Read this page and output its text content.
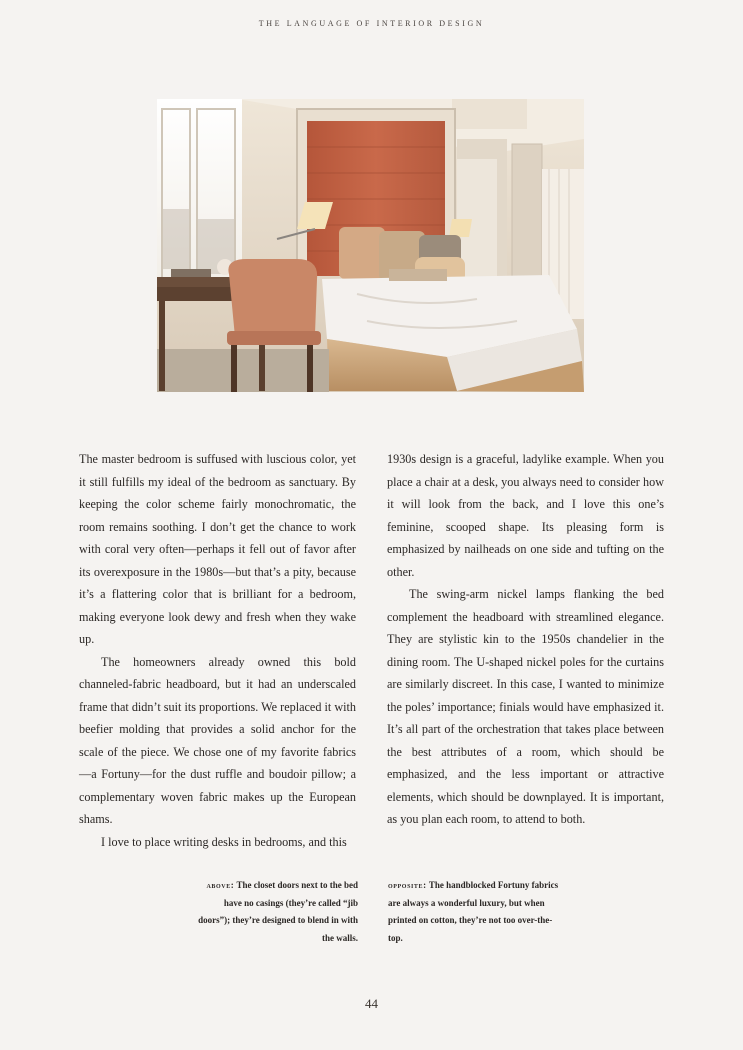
THE LANGUAGE OF INTERIOR DESIGN

The master bedroom is suffused with luscious color, yet it still fulfills my ideal of the bedroom as sanctuary. By keeping the color scheme fairly monochromatic, the room remains soothing. I don’t get the chance to work with coral very often—perhaps it fell out of favor after its overexposure in the 1980s—but that’s a pity, because it’s a flattering color that is brilliant for a bedroom, making everyone look dewy and fresh when they wake up.

The homeowners already owned this bold channeled-fabric headboard, but it had an underscaled frame that didn’t suit its proportions. We replaced it with beefier molding that provides a solid anchor for the scale of the piece. We chose one of my favorite fabrics—a Fortuny—for the dust ruffle and boudoir pillow; a complementary woven fabric makes up the European shams.

I love to place writing desks in bedrooms, and this

1930s design is a graceful, ladylike example. When you place a chair at a desk, you always need to consider how it will look from the back, and I love this one’s feminine, scooped shape. Its pleasing form is emphasized by nailheads on one side and tufting on the other.

The swing-arm nickel lamps flanking the bed complement the headboard with streamlined elegance. They are stylistic kin to the 1950s chandelier in the dining room. The U-shaped nickel poles for the curtains are similarly discreet. In this case, I wanted to minimize the poles’ importance; finials would have emphasized it. It’s all part of the orchestration that takes place between the best attributes of a room, which should be emphasized, and the less important or attractive elements, which should be downplayed. It is important, as you plan each room, to attend to both.

above: The closet doors next to the bed have no casings (they’re called “jib doors”); they’re designed to blend in with the walls.
opposite: The handblocked Fortuny fabrics are always a wonderful luxury, but when printed on cotton, they’re not too over-the-top.
44
